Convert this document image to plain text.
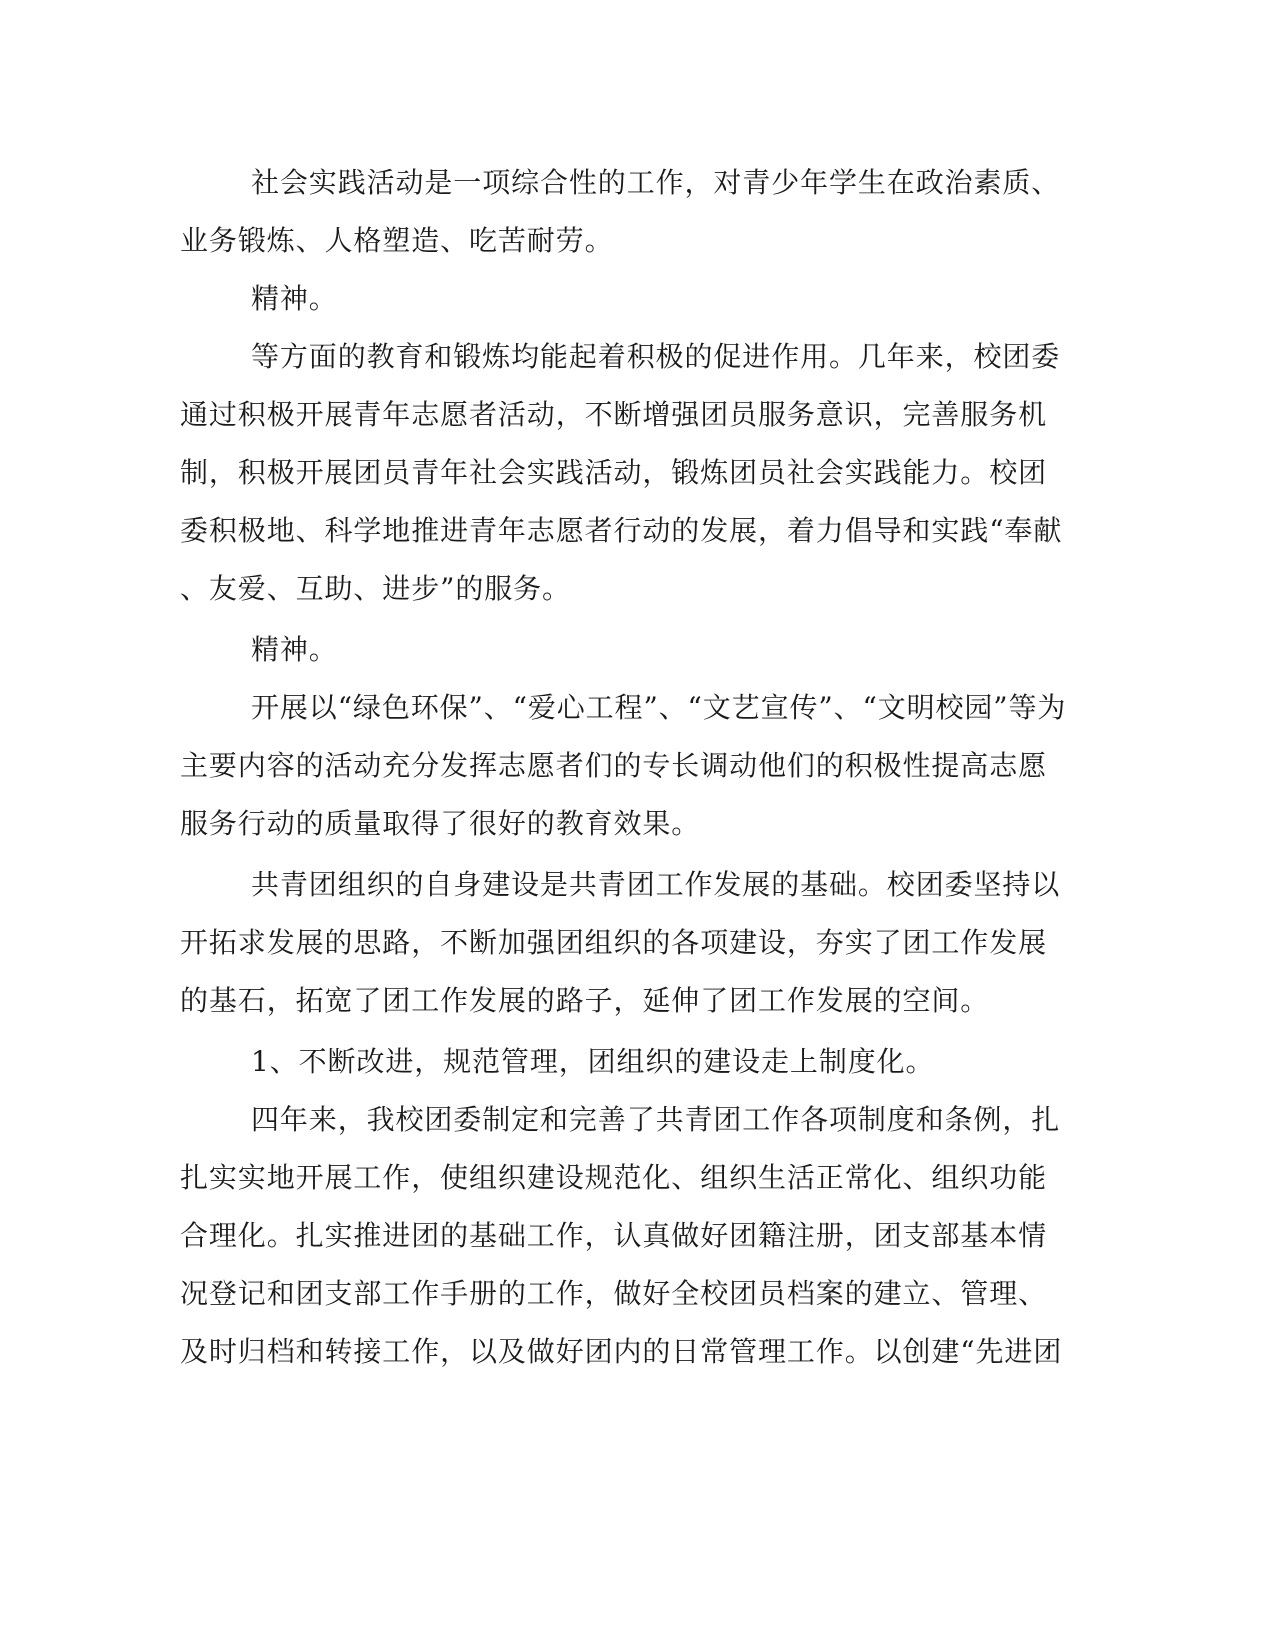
社会实践活动是一项综合性的工作，对青少年学生在政治素质、
业务锻炼、人格塑造、吃苦耐劳。
精神。
等方面的教育和锻炼均能起着积极的促进作用。几年来，校团委
通过积极开展青年志愿者活动，不断增强团员服务意识，完善服务机
制，积极开展团员青年社会实践活动，锻炼团员社会实践能力。校团
委积极地、科学地推进青年志愿者行动的发展，着力倡导和实践“奉献
、友爱、互助、进步”的服务。
精神。
开展以“绿色环保”、“爱心工程”、“文艺宣传”、“文明校园”等为
主要内容的活动充分发挥志愿者们的专长调动他们的积极性提高志愿
服务行动的质量取得了很好的教育效果。
共青团组织的自身建设是共青团工作发展的基础。校团委坚持以
开拓求发展的思路，不断加强团组织的各项建设，夯实了团工作发展
的基石，拓宽了团工作发展的路子，延伸了团工作发展的空间。
1、不断改进，规范管理，团组织的建设走上制度化。
四年来，我校团委制定和完善了共青团工作各项制度和条例，扎
扎实实地开展工作，使组织建设规范化、组织生活正常化、组织功能
合理化。扎实推进团的基础工作，认真做好团籍注册，团支部基本情
况登记和团支部工作手册的工作，做好全校团员档案的建立、管理、
及时归档和转接工作，以及做好团内的日常管理工作。以创建“先进团
